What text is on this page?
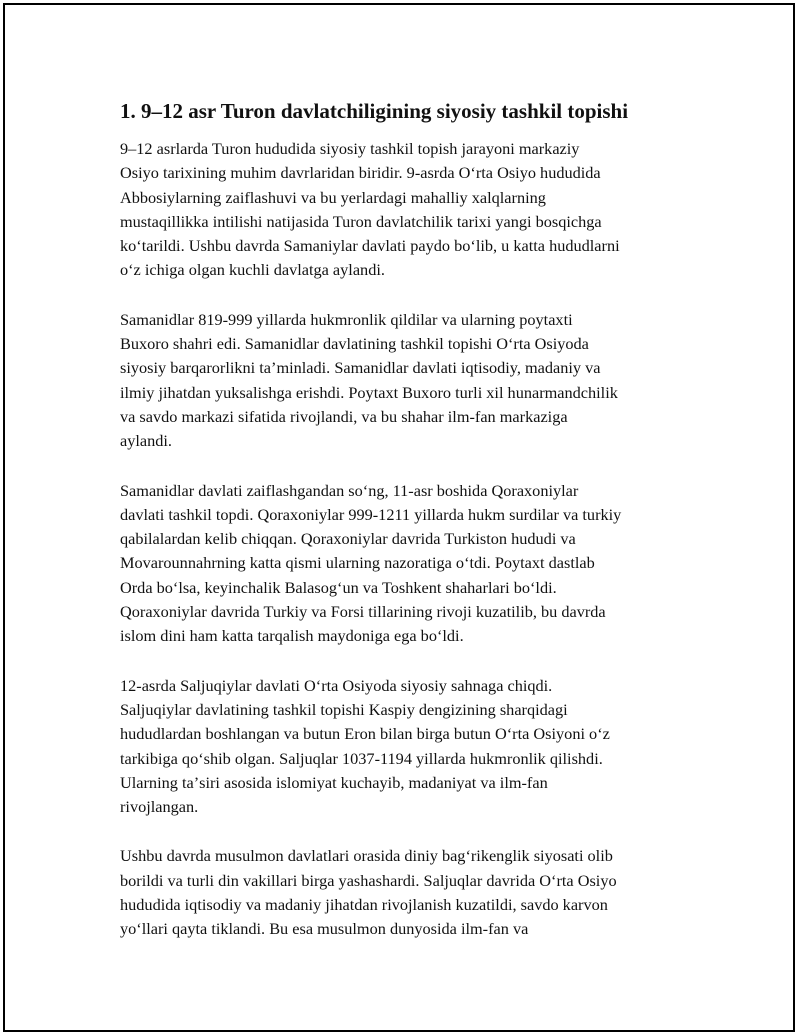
1. 9–12 asr Turon davlatchiligining siyosiy tashkil topishi

9–12 asrlarda Turon hududida siyosiy tashkil topish jarayoni markaziy
Osiyo tarixining muhim davrlaridan biridir. 9-asrda Oʻrta Osiyo hududida
Abbosiylarning zaiflashuvi va bu yerlardagi mahalliy xalqlarning
mustaqillikka intilishi natijasida Turon davlatchilik tarixi yangi bosqichga
koʻtarildi. Ushbu davrda Samaniylar davlati paydo boʻlib, u katta hududlarni
oʻz ichiga olgan kuchli davlatga aylandi.

Samanidlar 819-999 yillarda hukmronlik qildilar va ularning poytaxti
Buxoro shahri edi. Samanidlar davlatining tashkil topishi Oʻrta Osiyoda
siyosiy barqarorlikni taʼminladi. Samanidlar davlati iqtisodiy, madaniy va
ilmiy jihatdan yuksalishga erishdi. Poytaxt Buxoro turli xil hunarmandchilik
va savdo markazi sifatida rivojlandi, va bu shahar ilm-fan markaziga
aylandi.

Samanidlar davlati zaiflashgandan soʻng, 11-asr boshida Qoraxoniylar
davlati tashkil topdi. Qoraxoniylar 999-1211 yillarda hukm surdilar va turkiy
qabilalardan kelib chiqqan. Qoraxoniylar davrida Turkiston hududi va
Movarounnahrning katta qismi ularning nazoratiga oʻtdi. Poytaxt dastlab
Orda boʻlsa, keyinchalik Balasogʻun va Toshkent shaharlari boʻldi.
Qoraxoniylar davrida Turkiy va Forsi tillarining rivoji kuzatilib, bu davrda
islom dini ham katta tarqalish maydoniga ega boʻldi.

12-asrda Saljuqiylar davlati Oʻrta Osiyoda siyosiy sahnaga chiqdi.
Saljuqiylar davlatining tashkil topishi Kaspiy dengizining sharqidagi
hududlardan boshlangan va butun Eron bilan birga butun Oʻrta Osiyoni oʻz
tarkibiga qoʻshib olgan. Saljuqlar 1037-1194 yillarda hukmronlik qilishdi.
Ularning taʼsiri asosida islomiyat kuchayib, madaniyat va ilm-fan
rivojlangan.

Ushbu davrda musulmon davlatlari orasida diniy bagʻrikenglik siyosati olib
borildi va turli din vakillari birga yashashardi. Saljuqlar davrida Oʻrta Osiyo
hududida iqtisodiy va madaniy jihatdan rivojlanish kuzatildi, savdo karvon
yoʻllari qayta tiklandi. Bu esa musulmon dunyosida ilm-fan va
